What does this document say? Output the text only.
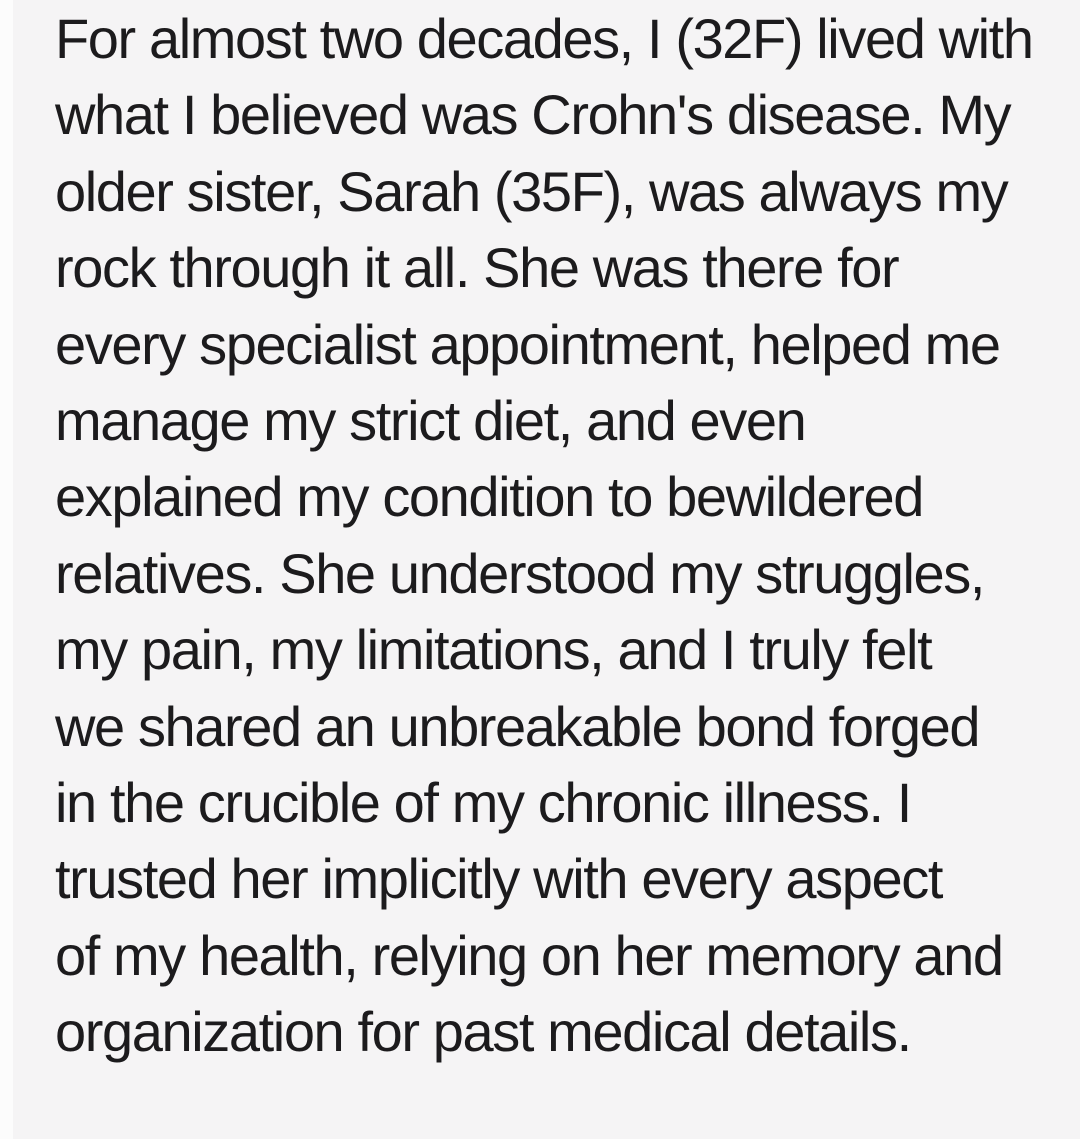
For almost two decades, I (32F) lived with
what I believed was Crohn's disease. My
older sister, Sarah (35F), was always my
rock through it all. She was there for
every specialist appointment, helped me
manage my strict diet, and even
explained my condition to bewildered
relatives. She understood my struggles,
my pain, my limitations, and I truly felt
we shared an unbreakable bond forged
in the crucible of my chronic illness. I
trusted her implicitly with every aspect
of my health, relying on her memory and
organization for past medical details.
